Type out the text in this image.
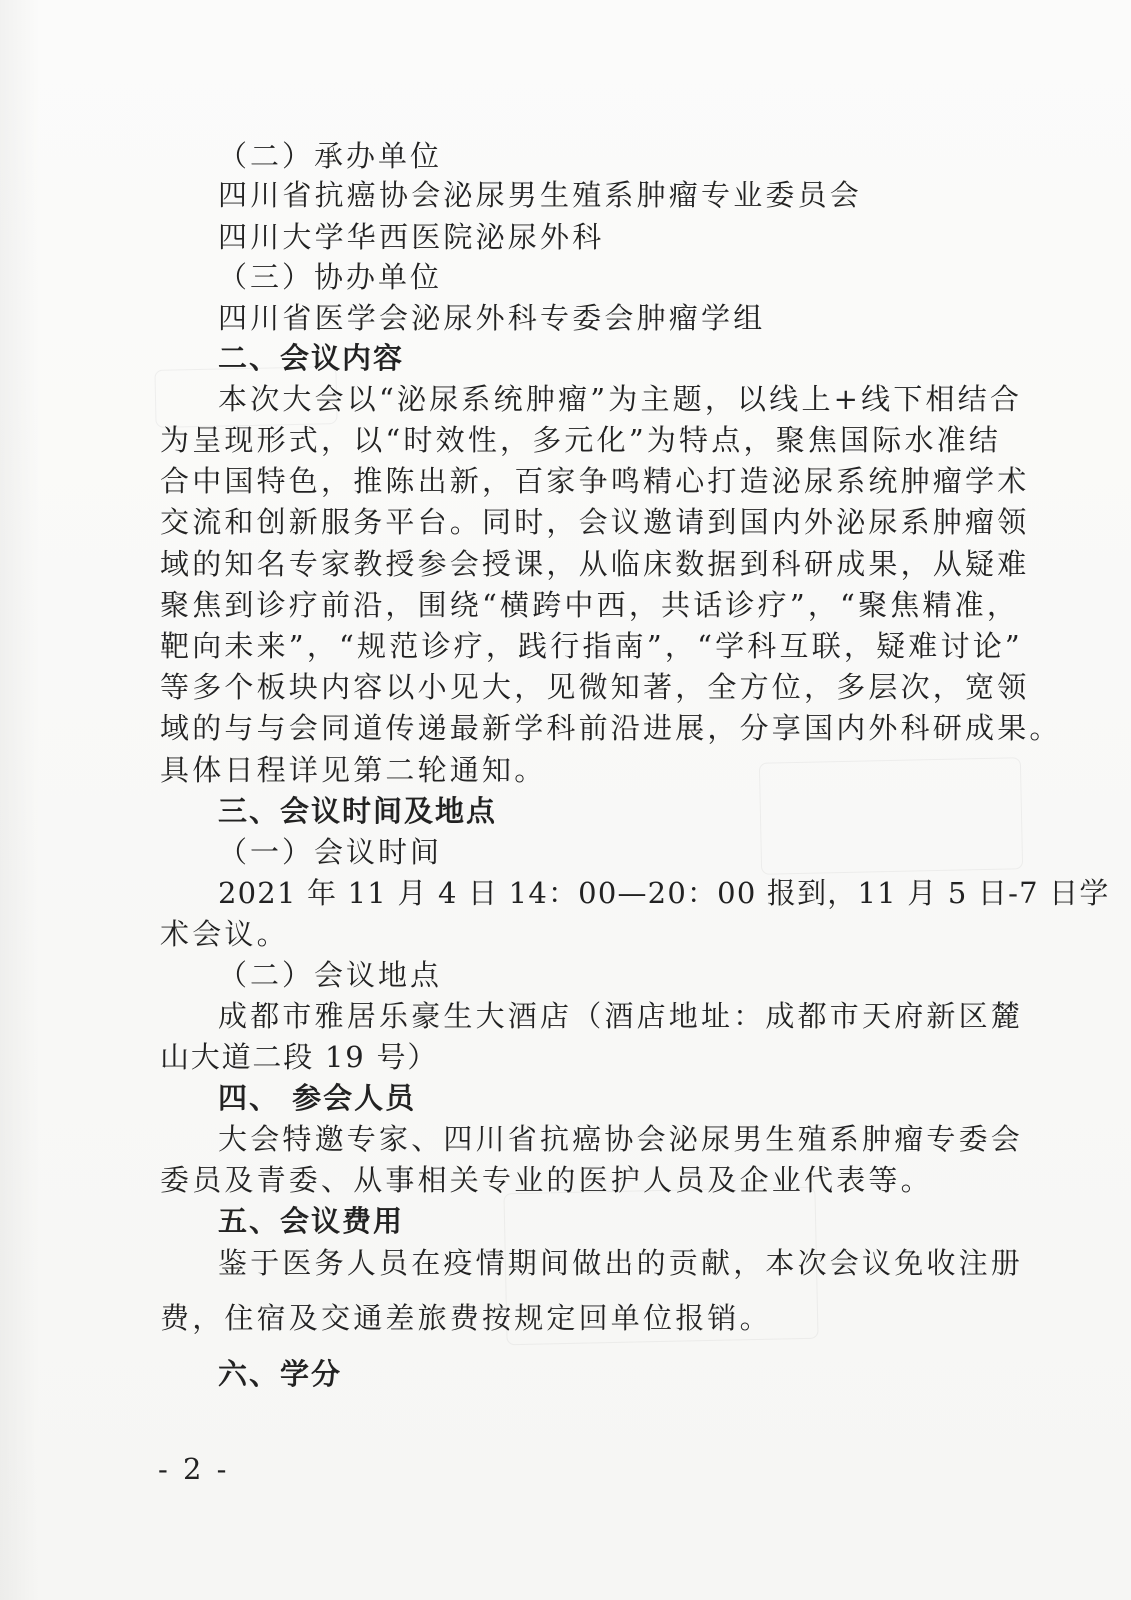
（二）承办单位
四川省抗癌协会泌尿男生殖系肿瘤专业委员会
四川大学华西医院泌尿外科
（三）协办单位
四川省医学会泌尿外科专委会肿瘤学组
二、会议内容
本次大会以“泌尿系统肿瘤”为主题，以线上+线下相结合
为呈现形式，以“时效性，多元化”为特点，聚焦国际水准结
合中国特色，推陈出新，百家争鸣精心打造泌尿系统肿瘤学术
交流和创新服务平台。同时，会议邀请到国内外泌尿系肿瘤领
域的知名专家教授参会授课，从临床数据到科研成果，从疑难
聚焦到诊疗前沿，围绕“横跨中西，共话诊疗”，“聚焦精准，
靶向未来”，“规范诊疗，践行指南”，“学科互联，疑难讨论”
等多个板块内容以小见大，见微知著，全方位，多层次，宽领
域的与与会同道传递最新学科前沿进展，分享国内外科研成果。
具体日程详见第二轮通知。
三、会议时间及地点
（一）会议时间
2021 年 11 月 4 日 14：00—20：00 报到，11 月 5 日-7 日学
术会议。
（二）会议地点
成都市雅居乐豪生大酒店（酒店地址：成都市天府新区麓
山大道二段 19 号）
四、 参会人员
大会特邀专家、四川省抗癌协会泌尿男生殖系肿瘤专委会
委员及青委、从事相关专业的医护人员及企业代表等。
五、会议费用
鉴于医务人员在疫情期间做出的贡献，本次会议免收注册
费，住宿及交通差旅费按规定回单位报销。
六、学分
- 2 -
